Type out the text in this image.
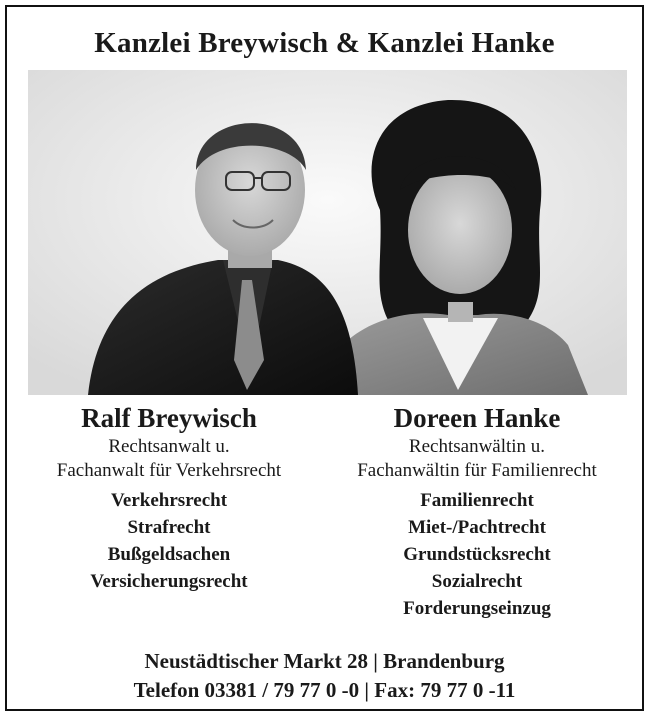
Kanzlei Breywisch & Kanzlei Hanke
Ralf Breywisch
Rechtsanwalt u.
Fachanwalt für Verkehrsrecht
Verkehrsrecht
Strafrecht
Bußgeldsachen
Versicherungsrecht
Doreen Hanke
Rechtsanwältin u.
Fachanwältin für Familienrecht
Familienrecht
Miet-/Pachtrecht
Grundstücksrecht
Sozialrecht
Forderungseinzug
Neustädtischer Markt 28 | Brandenburg
Telefon 03381 / 79 77 0 -0 | Fax: 79 77 0 -11
